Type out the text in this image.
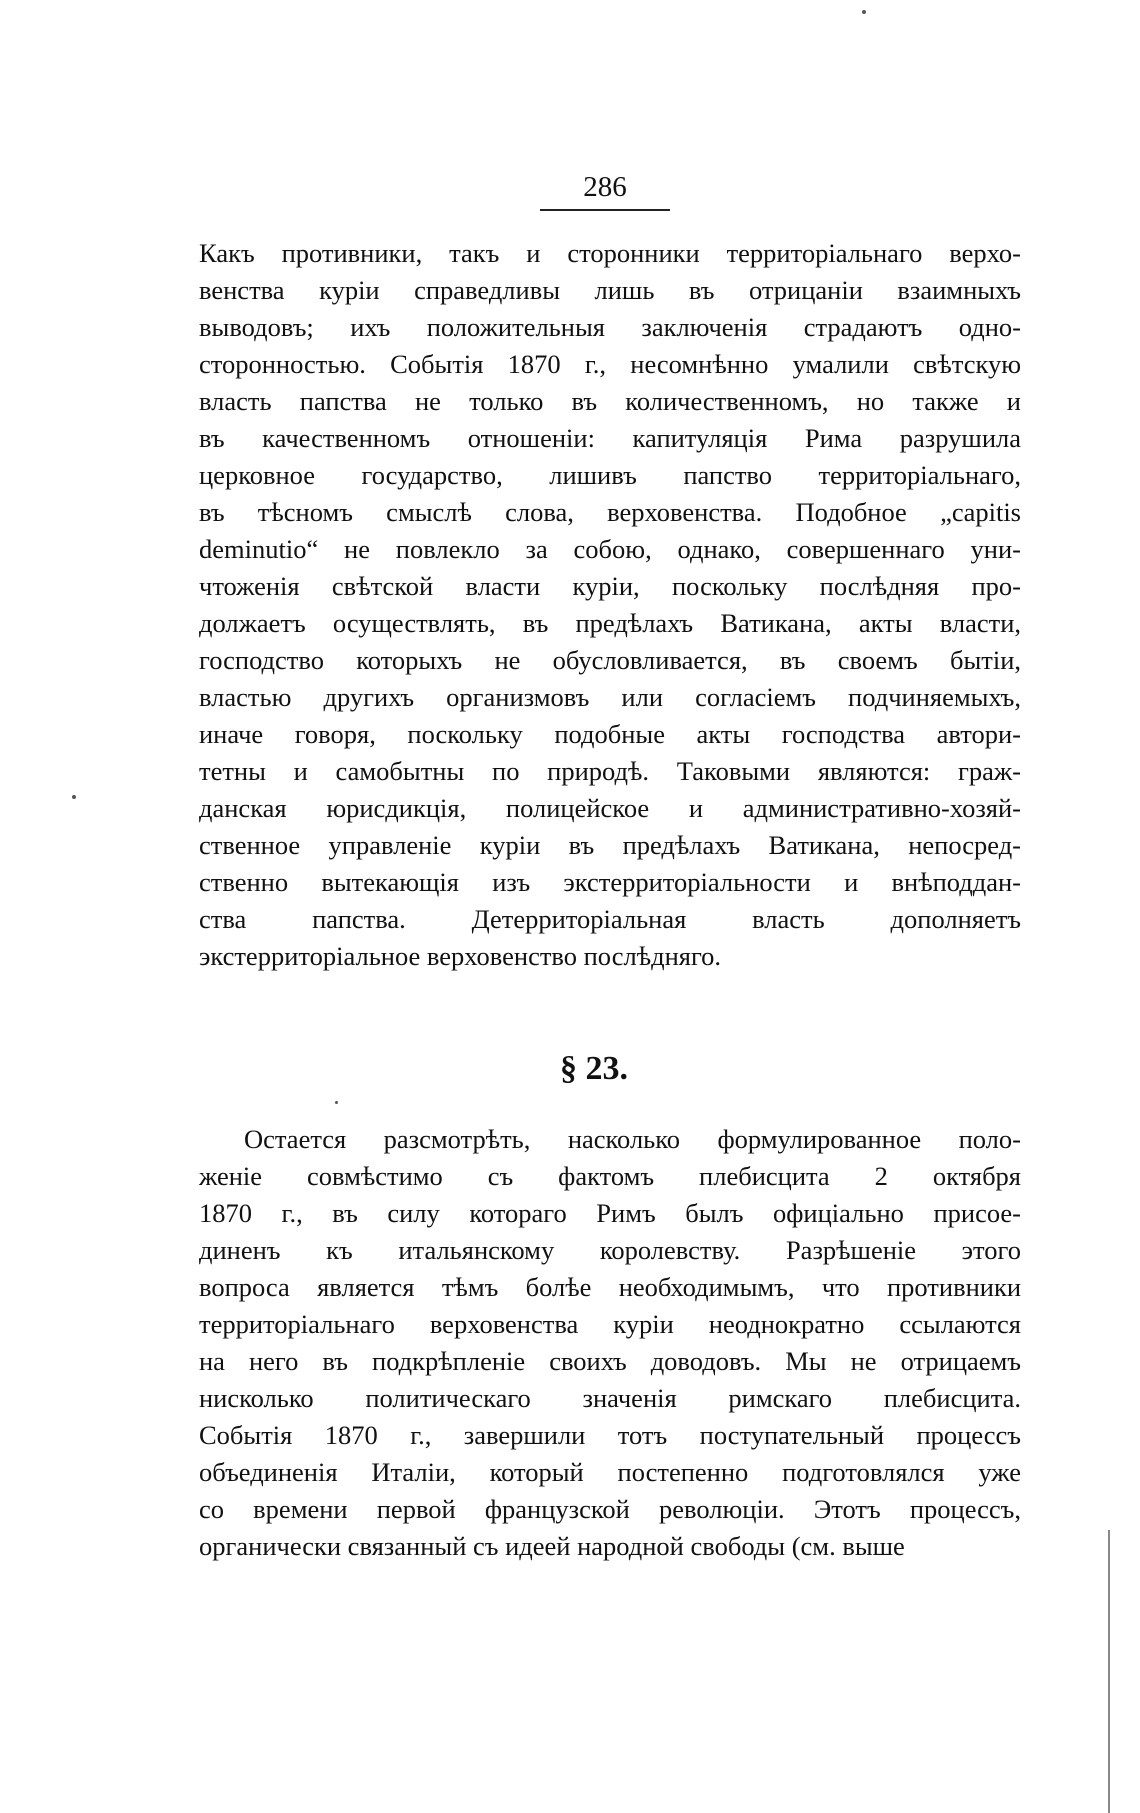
286
Какъ противники, такъ и сторонники территоріальнаго верхо-
венства куріи справедливы лишь въ отрицаніи взаимныхъ
выводовъ; ихъ положительныя заключенія страдаютъ одно-
сторонностью. Событія 1870 г., несомнѣнно умалили свѣтскую
власть папства не только въ количественномъ, но также и
въ качественномъ отношеніи: капитуляція Рима разрушила
церковное государство, лишивъ папство территоріальнаго,
въ тѣсномъ смыслѣ слова, верховенства. Подобное „capitis
deminutio“ не повлекло за собою, однако, совершеннаго уни-
чтоженія свѣтской власти куріи, поскольку послѣдняя про-
должаетъ осуществлять, въ предѣлахъ Ватикана, акты власти,
господство которыхъ не обусловливается, въ своемъ бытіи,
властью другихъ организмовъ или согласіемъ подчиняемыхъ,
иначе говоря, поскольку подобные акты господства автори-
тетны и самобытны по природѣ. Таковыми являются: граж-
данская юрисдикція, полицейское и административно-хозяй-
ственное управленіе куріи въ предѣлахъ Ватикана, непосред-
ственно вытекающія изъ экстерриторіальности и внѣподдан-
ства папства. Детерриторіальная власть дополняетъ
экстерриторіальное верховенство послѣдняго.
§ 23.
Остается разсмотрѣть, насколько формулированное поло-
женіе совмѣстимо съ фактомъ плебисцита 2 октября
1870 г., въ силу котораго Римъ былъ офиціально присое-
диненъ къ итальянскому королевству. Разрѣшеніе этого
вопроса является тѣмъ болѣе необходимымъ, что противники
территоріальнаго верховенства куріи неоднократно ссылаются
на него въ подкрѣпленіе своихъ доводовъ. Мы не отрицаемъ
нисколько политическаго значенія римскаго плебисцита.
Событія 1870 г., завершили тотъ поступательный процессъ
объединенія Италіи, который постепенно подготовлялся уже
со времени первой французской революціи. Этотъ процессъ,
органически связанный съ идеей народной свободы (см. выше
